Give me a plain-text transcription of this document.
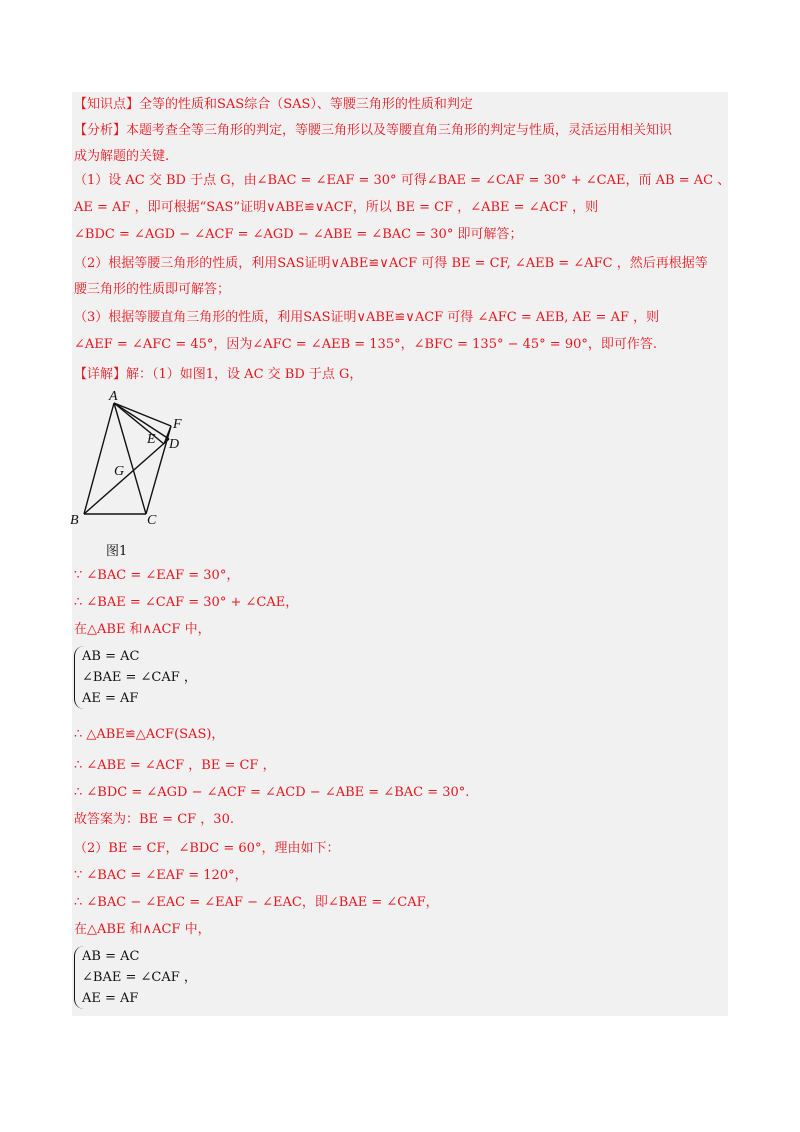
【知识点】全等的性质和SAS综合（SAS）、等腰三角形的性质和判定
【分析】本题考查全等三角形的判定，等腰三角形以及等腰直角三角形的判定与性质，灵活运用相关知识
成为解题的关键.
（1）设 AC 交 BD 于点 G，由∠BAC = ∠EAF = 30° 可得∠BAE = ∠CAF = 30° + ∠CAE，而 AB = AC 、
AE = AF ，即可根据“SAS”证明∨ABE≌∨ACF，所以 BE = CF ，∠ABE = ∠ACF ，则
∠BDC = ∠AGD − ∠ACF = ∠AGD − ∠ABE = ∠BAC = 30° 即可解答；
（2）根据等腰三角形的性质，利用SAS证明∨ABE≌∨ACF 可得 BE = CF, ∠AEB = ∠AFC ，然后再根据等
腰三角形的性质即可解答；
（3）根据等腰直角三角形的性质，利用SAS证明∨ABE≌∨ACF 可得 ∠AFC = AEB, AE = AF ，则
∠AEF = ∠AFC = 45°，因为∠AFC = ∠AEB = 135°，∠BFC = 135° − 45° = 90°，即可作答.
【详解】解：（1）如图1，设 AC 交 BD 于点 G，
A
F
E D
G
B	C
图1
∵ ∠BAC = ∠EAF = 30°，
∴ ∠BAE = ∠CAF = 30° + ∠CAE，
在△ABE 和∧ACF 中，
AB = AC
∠BAE = ∠CAF ，
AE = AF
∴ △ABE≌△ACF(SAS)，
∴ ∠ABE = ∠ACF ，BE = CF ，
∴ ∠BDC = ∠AGD − ∠ACF = ∠ACD − ∠ABE = ∠BAC = 30°.
故答案为：BE = CF ，30.
（2）BE = CF，∠BDC = 60°，理由如下：
∵ ∠BAC = ∠EAF = 120°，
∴ ∠BAC − ∠EAC = ∠EAF − ∠EAC，即∠BAE = ∠CAF，
在△ABE 和∧ACF 中，
AB = AC
∠BAE = ∠CAF ，
AE = AF
